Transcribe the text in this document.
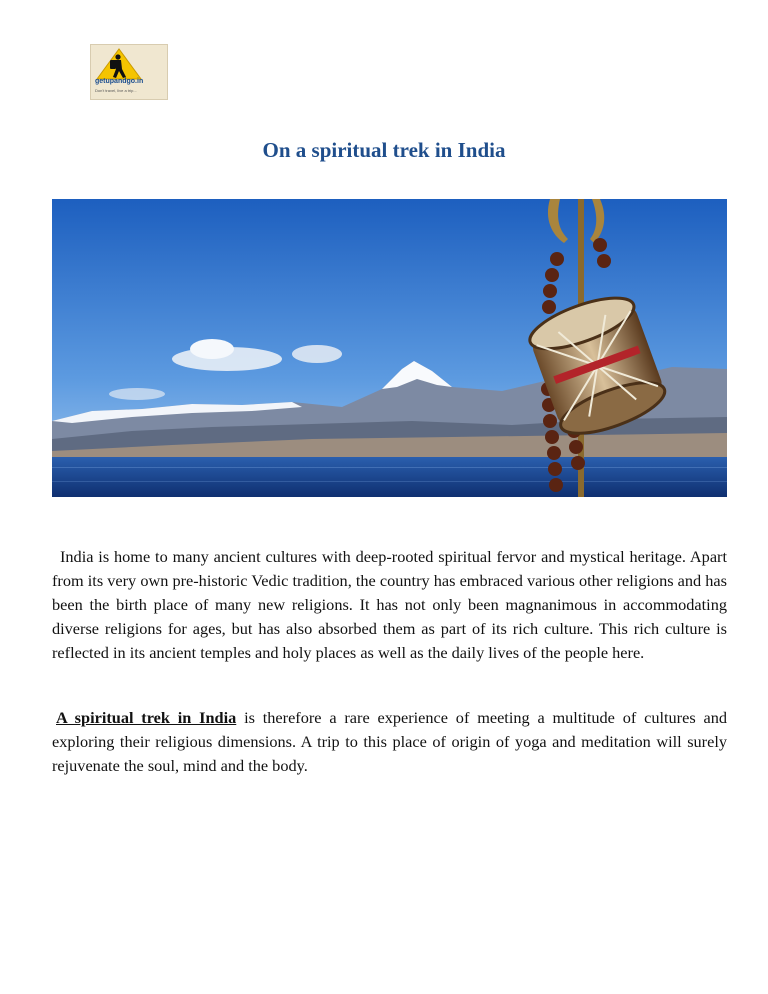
getupandgo.in
Don't travel, live a trip...
On a spiritual trek in India
India is home to many ancient cultures with deep-rooted spiritual fervor and mystical heritage. Apart from its very own pre-historic Vedic tradition, the country has embraced various other religions and has been the birth place of many new religions. It has not only been magnanimous in accommodating diverse religions for ages, but has also absorbed them as part of its rich culture. This rich culture is reflected in its ancient temples and holy places as well as the daily lives of the people here.
A spiritual trek in India is therefore a rare experience of meeting a multitude of cultures and exploring their religious dimensions. A trip to this place of origin of yoga and meditation will surely rejuvenate the soul, mind and the body.
